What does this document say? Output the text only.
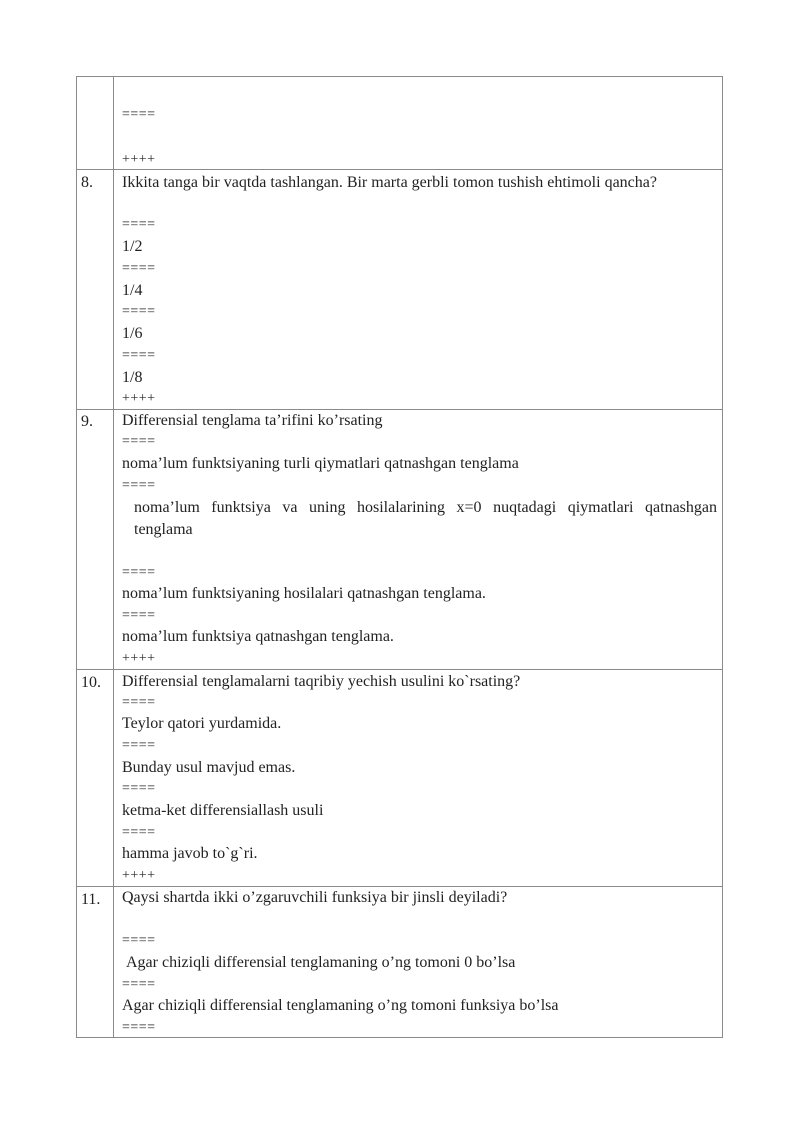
====
++++
8. Ikkita tanga bir vaqtda tashlangan. Bir marta gerbli tomon tushish ehtimoli qancha?
====
1/2
====
1/4
====
1/6
====
1/8
++++
9. Differensial tenglama ta’rifini ko’rsating
====
noma’lum funktsiyaning turli qiymatlari qatnashgan tenglama
====
noma’lum funktsiya va uning hosilalarining x=0 nuqtadagi qiymatlari qatnashgan tenglama
====
noma’lum funktsiyaning hosilalari qatnashgan tenglama.
====
noma’lum funktsiya qatnashgan tenglama.
++++
10. Differensial tenglamalarni taqribiy yechish usulini ko`rsating?
====
Teylor qatori yurdamida.
====
Bunday usul mavjud emas.
====
ketma-ket differensiallash usuli
====
hamma javob to`g`ri.
++++
11. Qaysi shartda ikki o’zgaruvchili funksiya bir jinsli deyiladi?
====
Agar chiziqli differensial tenglamaning o’ng tomoni 0 bo’lsa
====
Agar chiziqli differensial tenglamaning o’ng tomoni funksiya bo’lsa
====
